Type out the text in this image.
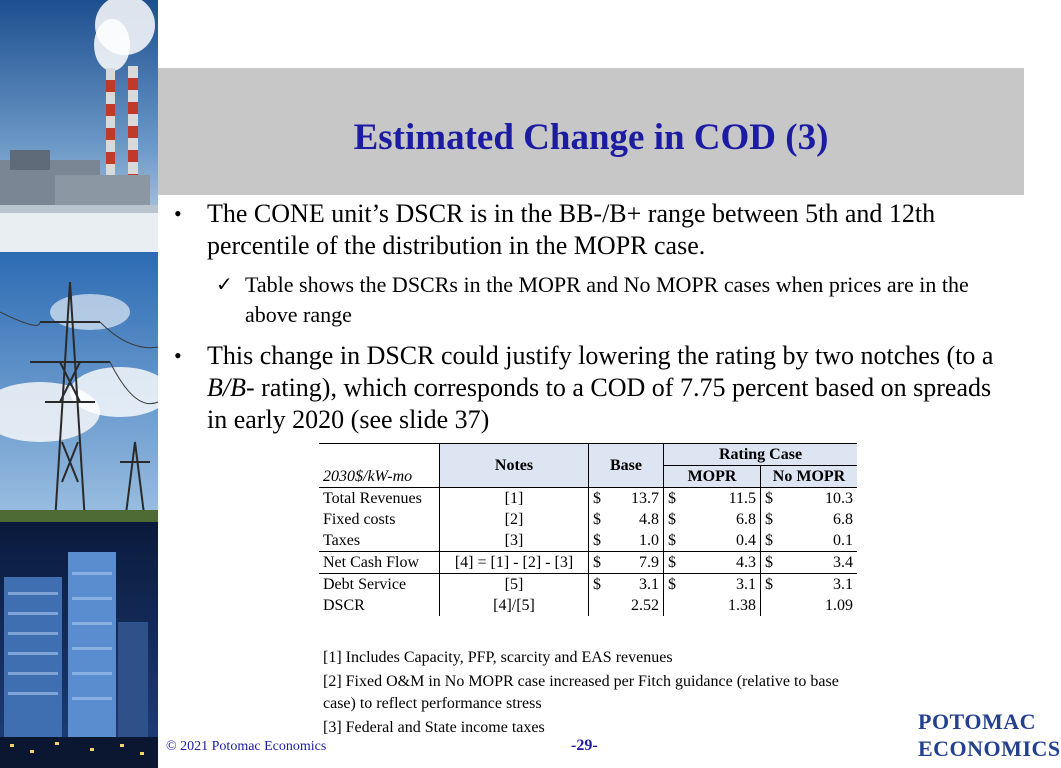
Estimated Change in COD (3)
• The CONE unit’s DSCR is in the BB-/B+ range between 5th and 12th percentile of the distribution in the MOPR case.
✓ Table shows the DSCRs in the MOPR and No MOPR cases when prices are in the above range
• This change in DSCR could justify lowering the rating by two notches (to a B/B- rating), which corresponds to a COD of 7.75 percent based on spreads in early 2020 (see slide 37)
2030$/kW-mo	Notes	Base	Rating Case	
			MOPR	No MOPR
Total Revenues	[1]	$ 13.7	$ 11.5	$ 10.3

Fixed costs	[2]	$ 4.8	$ 6.8	$ 6.8

Taxes	[3]	$ 1.0	$ 0.4	$ 0.1

Net Cash Flow	[4] = [1] - [2] - [3]	$ 7.9	$ 4.3	$ 3.4

Debt Service	[5]	$ 3.1	$ 3.1	$ 3.1

DSCR	[4]/[5]	2.52	1.38	1.09
[1] Includes Capacity, PFP, scarcity and EAS revenues
[2] Fixed O&M in No MOPR case increased per Fitch guidance (relative to base case) to reflect performance stress
[3] Federal and State income taxes
© 2021 Potomac Economics	-29-
POTOMAC
ECONOMICS
